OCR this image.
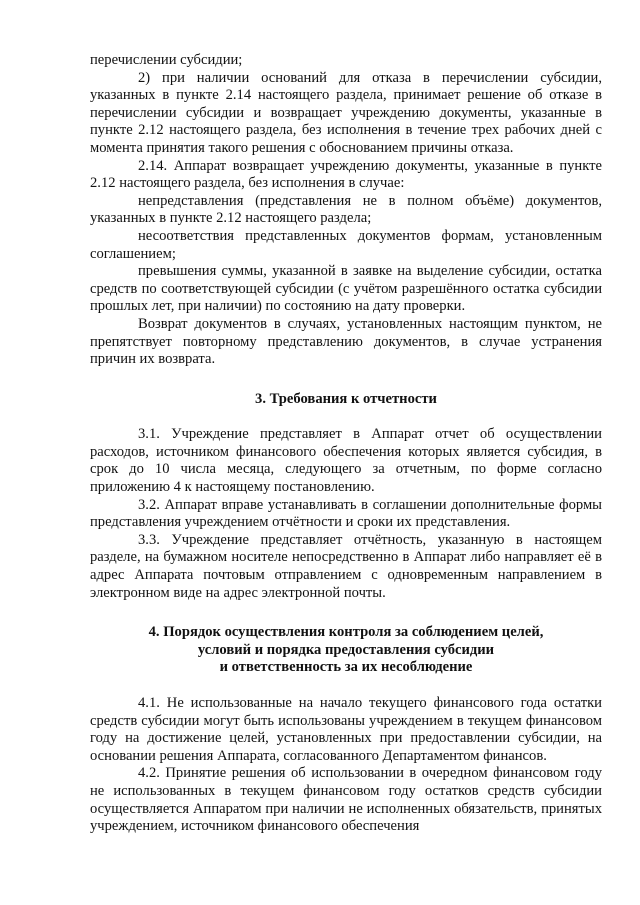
перечислении субсидии;

2) при наличии оснований для отказа в перечислении субсидии, указанных в пункте 2.14 настоящего раздела, принимает решение об отказе в перечислении субсидии и возвращает учреждению документы, указанные в пункте 2.12 настоящего раздела, без исполнения в течение трех рабочих дней с момента принятия такого решения с обоснованием причины отказа.

2.14. Аппарат возвращает учреждению документы, указанные в пункте 2.12 настоящего раздела, без исполнения в случае:

непредставления (представления не в полном объёме) документов, указанных в пункте 2.12 настоящего раздела;

несоответствия представленных документов формам, установленным соглашением;

превышения суммы, указанной в заявке на выделение субсидии, остатка средств по соответствующей субсидии (с учётом разрешённого остатка субсидии прошлых лет, при наличии) по состоянию на дату проверки.

Возврат документов в случаях, установленных настоящим пунктом, не препятствует повторному представлению документов, в случае устранения причин их возврата.

3. Требования к отчетности

3.1. Учреждение представляет в Аппарат отчет об осуществлении расходов, источником финансового обеспечения которых является субсидия, в срок до 10 числа месяца, следующего за отчетным, по форме согласно приложению 4 к настоящему постановлению.

3.2. Аппарат вправе устанавливать в соглашении дополнительные формы представления учреждением отчётности и сроки их представления.

3.3. Учреждение представляет отчётность, указанную в настоящем разделе, на бумажном носителе непосредственно в Аппарат либо направляет её в адрес Аппарата почтовым отправлением с одновременным направлением в электронном виде на адрес электронной почты.

4. Порядок осуществления контроля за соблюдением целей,

условий и порядка предоставления субсидии

и ответственность за их несоблюдение

4.1. Не использованные на начало текущего финансового года остатки средств субсидии могут быть использованы учреждением в текущем финансовом году на достижение целей, установленных при предоставлении субсидии, на основании решения Аппарата, согласованного Департаментом финансов.

4.2. Принятие решения об использовании в очередном финансовом году не использованных в текущем финансовом году остатков средств субсидии осуществляется Аппаратом при наличии не исполненных обязательств, принятых учреждением, источником финансового обеспечения
